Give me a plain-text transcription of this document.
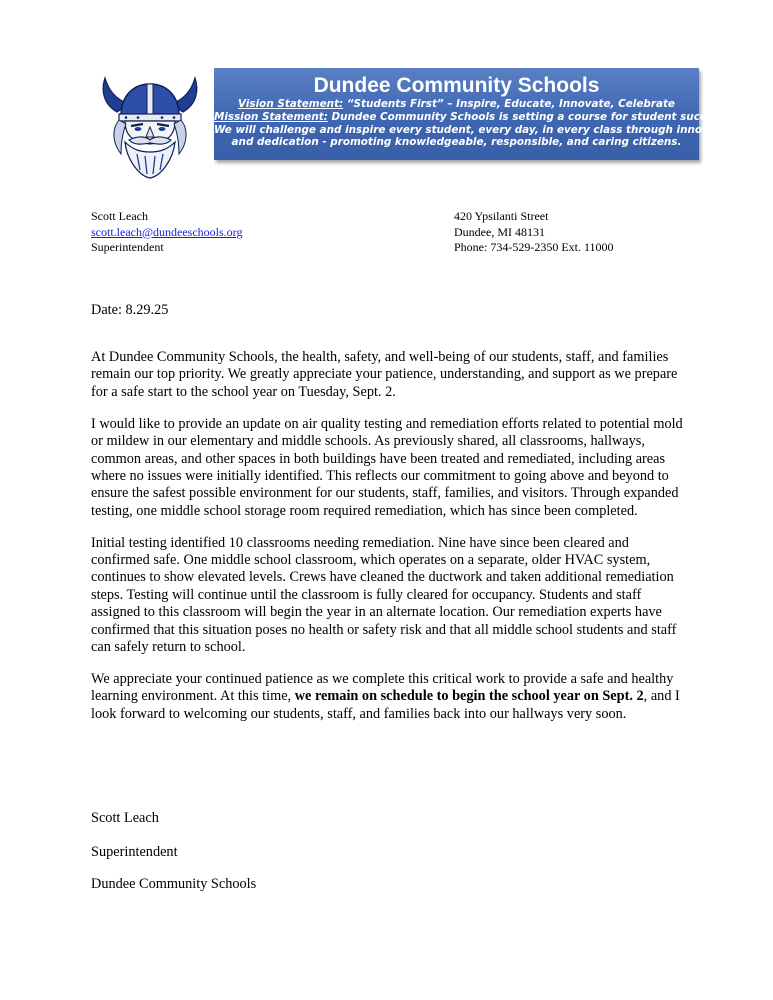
Dundee Community Schools
Vision Statement: “Students First” – Inspire, Educate, Innovate, Celebrate
Mission Statement: Dundee Community Schools is setting a course for student success.
We will challenge and inspire every student, every day, in every class through innovation
and dedication - promoting knowledgeable, responsible, and caring citizens.
Scott Leach
scott.leach@dundeeschools.org
Superintendent
420 Ypsilanti Street
Dundee, MI 48131
Phone: 734-529-2350 Ext. 11000
Date: 8.29.25

At Dundee Community Schools, the health, safety, and well-being of our students, staff, and families remain our top priority. We greatly appreciate your patience, understanding, and support as we prepare for a safe start to the school year on Tuesday, Sept. 2.

I would like to provide an update on air quality testing and remediation efforts related to potential mold or mildew in our elementary and middle schools. As previously shared, all classrooms, hallways, common areas, and other spaces in both buildings have been treated and remediated, including areas where no issues were initially identified. This reflects our commitment to going above and beyond to ensure the safest possible environment for our students, staff, families, and visitors. Through expanded testing, one middle school storage room required remediation, which has since been completed.

Initial testing identified 10 classrooms needing remediation. Nine have since been cleared and confirmed safe. One middle school classroom, which operates on a separate, older HVAC system, continues to show elevated levels. Crews have cleaned the ductwork and taken additional remediation steps. Testing will continue until the classroom is fully cleared for occupancy. Students and staff assigned to this classroom will begin the year in an alternate location. Our remediation experts have confirmed that this situation poses no health or safety risk and that all middle school students and staff can safely return to school.

We appreciate your continued patience as we complete this critical work to provide a safe and healthy learning environment. At this time, we remain on schedule to begin the school year on Sept. 2, and I look forward to welcoming our students, staff, and families back into our hallways very soon.

Scott Leach
Superintendent
Dundee Community Schools
